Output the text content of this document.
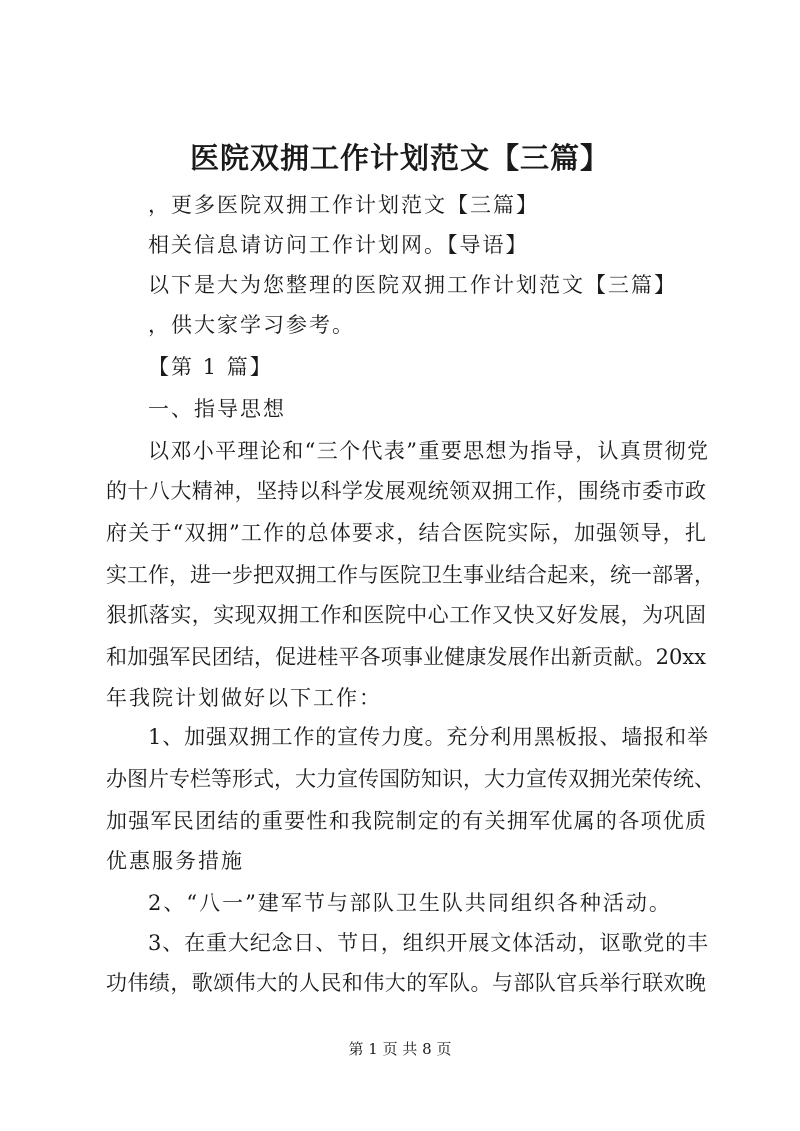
医院双拥工作计划范文【三篇】

，更多医院双拥工作计划范文【三篇】

相关信息请访问工作计划网。【导语】

以下是大为您整理的医院双拥工作计划范文【三篇】

，供大家学习参考。

【第 1 篇】

一、指导思想

以邓小平理论和“三个代表”重要思想为指导，认真贯彻党

的十八大精神，坚持以科学发展观统领双拥工作，围绕市委市政

府关于“双拥”工作的总体要求，结合医院实际，加强领导，扎

实工作，进一步把双拥工作与医院卫生事业结合起来，统一部署，

狠抓落实，实现双拥工作和医院中心工作又快又好发展，为巩固

和加强军民团结，促进桂平各项事业健康发展作出新贡献。20xx

年我院计划做好以下工作：

1、加强双拥工作的宣传力度。充分利用黑板报、墙报和举

办图片专栏等形式，大力宣传国防知识，大力宣传双拥光荣传统、

加强军民团结的重要性和我院制定的有关拥军优属的各项优质

优惠服务措施

2、“八一”建军节与部队卫生队共同组织各种活动。

3、在重大纪念日、节日，组织开展文体活动，讴歌党的丰

功伟绩，歌颂伟大的人民和伟大的军队。与部队官兵举行联欢晚

第 1 页 共 8 页
